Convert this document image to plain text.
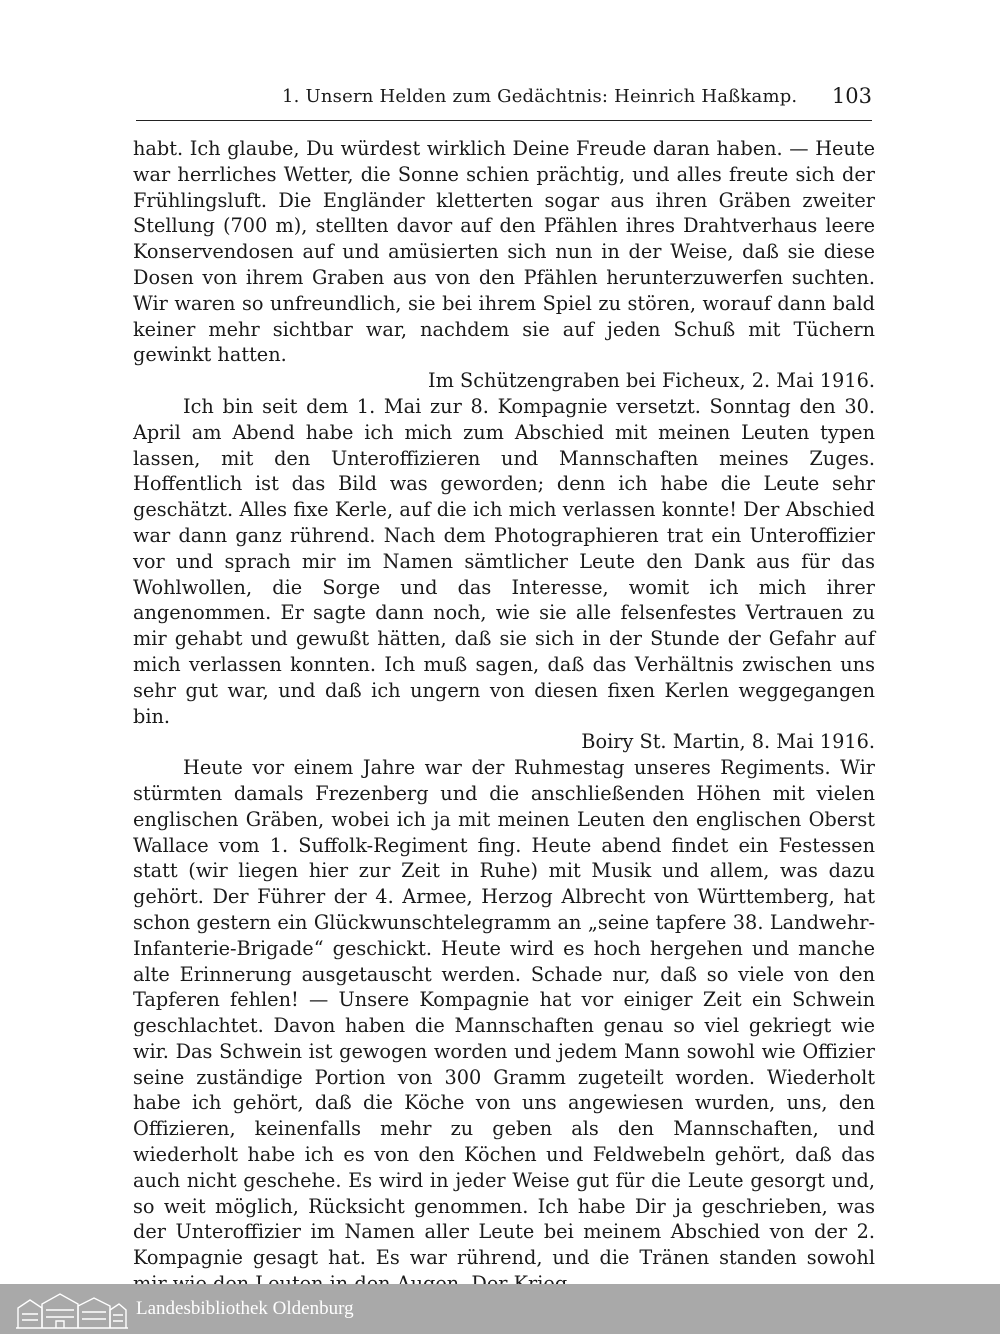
1. Unsern Helden zum Gedächtnis: Heinrich Haßkamp. 103

habt. Ich glaube, Du würdest wirklich Deine Freude daran haben. — Heute war herrliches Wetter, die Sonne schien prächtig, und alles freute sich der Frühlingsluft. Die Engländer kletterten sogar aus ihren Gräben zweiter Stellung (700 m), stellten davor auf den Pfählen ihres Drahtverhaus leere Konservendosen auf und amüsierten sich nun in der Weise, daß sie diese Dosen von ihrem Graben aus von den Pfählen herunterzuwerfen suchten. Wir waren so unfreundlich, sie bei ihrem Spiel zu stören, worauf dann bald keiner mehr sichtbar war, nachdem sie auf jeden Schuß mit Tüchern gewinkt hatten.

Im Schützengraben bei Ficheux, 2. Mai 1916.

Ich bin seit dem 1. Mai zur 8. Kompagnie versetzt. Sonntag den 30. April am Abend habe ich mich zum Abschied mit meinen Leuten typen lassen, mit den Unteroffizieren und Mannschaften meines Zuges. Hoffentlich ist das Bild was geworden; denn ich habe die Leute sehr geschätzt. Alles fixe Kerle, auf die ich mich verlassen konnte! Der Abschied war dann ganz rührend. Nach dem Photographieren trat ein Unteroffizier vor und sprach mir im Namen sämtlicher Leute den Dank aus für das Wohlwollen, die Sorge und das Interesse, womit ich mich ihrer angenommen. Er sagte dann noch, wie sie alle felsenfestes Vertrauen zu mir gehabt und gewußt hätten, daß sie sich in der Stunde der Gefahr auf mich verlassen konnten. Ich muß sagen, daß das Verhältnis zwischen uns sehr gut war, und daß ich ungern von diesen fixen Kerlen weggegangen bin.

Boiry St. Martin, 8. Mai 1916.

Heute vor einem Jahre war der Ruhmestag unseres Regiments. Wir stürmten damals Frezenberg und die anschließenden Höhen mit vielen englischen Gräben, wobei ich ja mit meinen Leuten den englischen Oberst Wallace vom 1. Suffolk-Regiment fing. Heute abend findet ein Festessen statt (wir liegen hier zur Zeit in Ruhe) mit Musik und allem, was dazu gehört. Der Führer der 4. Armee, Herzog Albrecht von Württemberg, hat schon gestern ein Glückwunschtelegramm an „seine tapfere 38. Landwehr-Infanterie-Brigade“ geschickt. Heute wird es hoch hergehen und manche alte Erinnerung ausgetauscht werden. Schade nur, daß so viele von den Tapferen fehlen! — Unsere Kompagnie hat vor einiger Zeit ein Schwein geschlachtet. Davon haben die Mannschaften genau so viel gekriegt wie wir. Das Schwein ist gewogen worden und jedem Mann sowohl wie Offizier seine zuständige Portion von 300 Gramm zugeteilt worden. Wiederholt habe ich gehört, daß die Köche von uns angewiesen wurden, uns, den Offizieren, keinenfalls mehr zu geben als den Mannschaften, und wiederholt habe ich es von den Köchen und Feldwebeln gehört, daß das auch nicht geschehe. Es wird in jeder Weise gut für die Leute gesorgt und, so weit möglich, Rücksicht genommen. Ich habe Dir ja geschrieben, was der Unteroffizier im Namen aller Leute bei meinem Abschied von der 2. Kompagnie gesagt hat. Es war rührend, und die Tränen standen sowohl

Landesbibliothek Oldenburg
